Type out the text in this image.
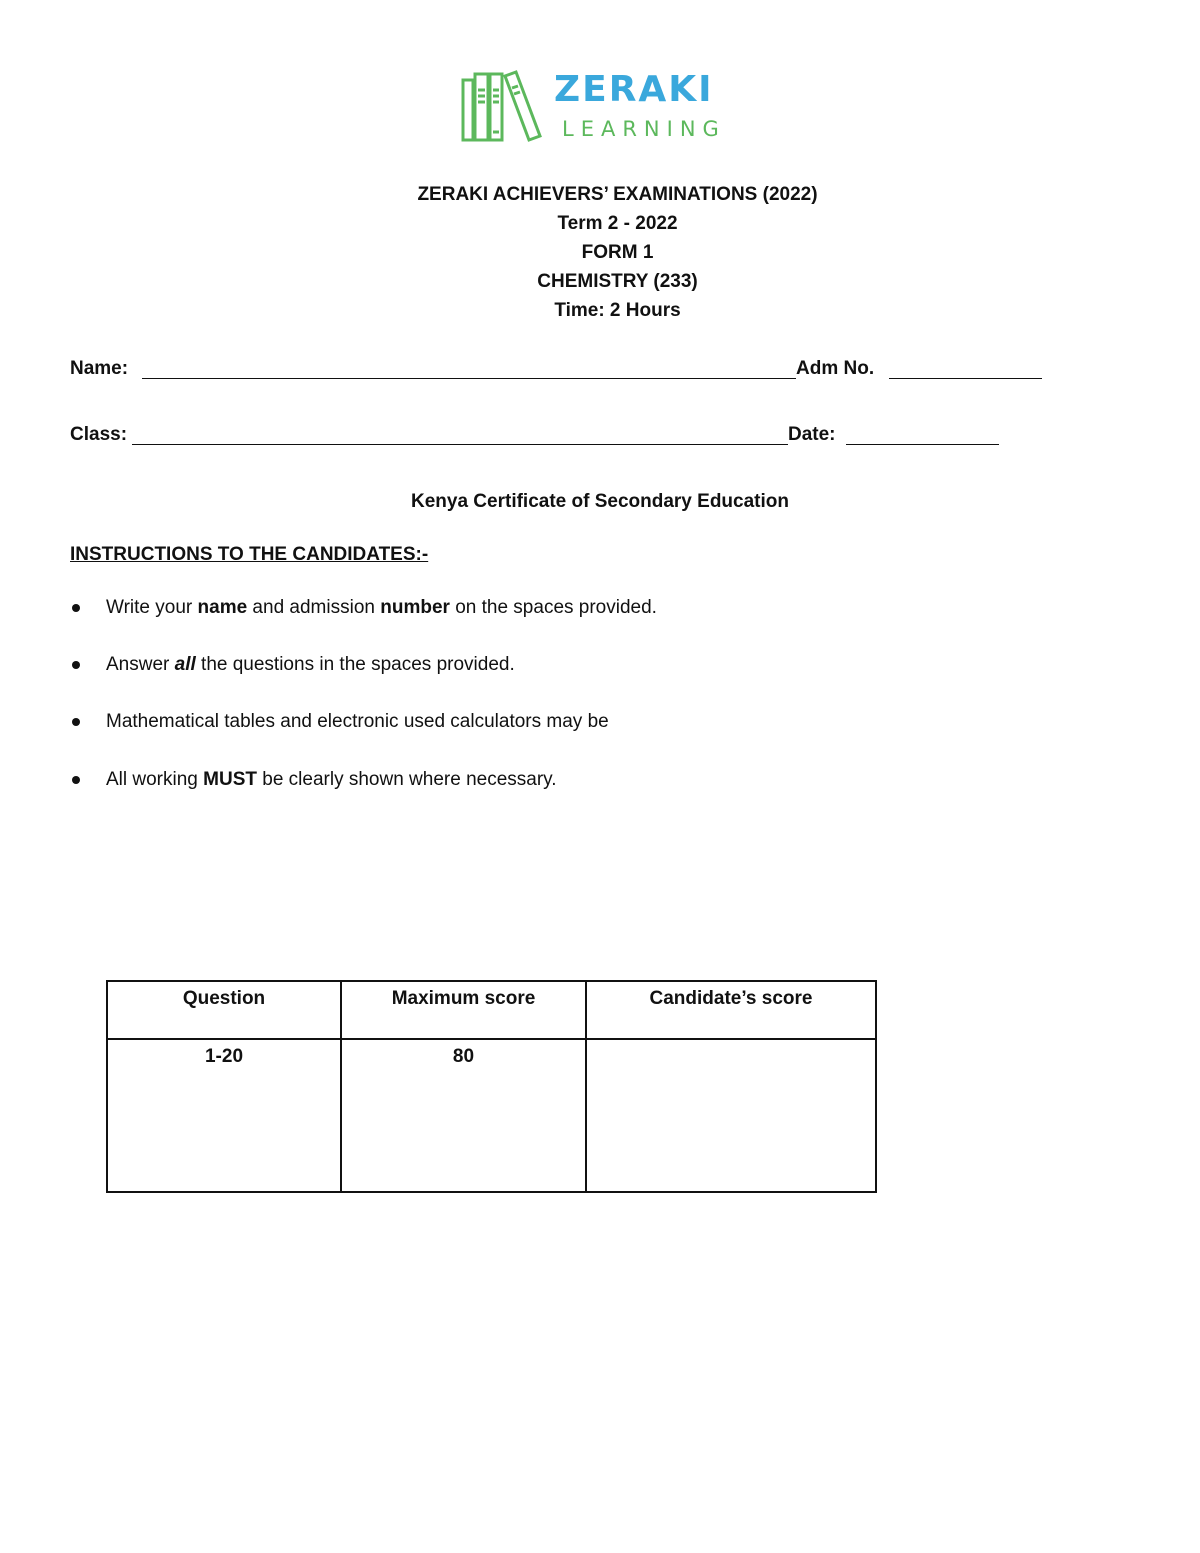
ZERAKI
LEARNING
ZERAKI ACHIEVERS’ EXAMINATIONS (2022)
Term 2 - 2022
FORM 1
CHEMISTRY (233)
Time: 2 Hours
Name:	Adm No.
Class:	Date:
Kenya Certificate of Secondary Education
INSTRUCTIONS TO THE CANDIDATES:-
Write your name and admission number on the spaces provided.
Answer all the questions in the spaces provided.
Mathematical tables and electronic used calculators may be
All working MUST be clearly shown where necessary.
Question	Maximum score	Candidate’s score
1-20	80	
